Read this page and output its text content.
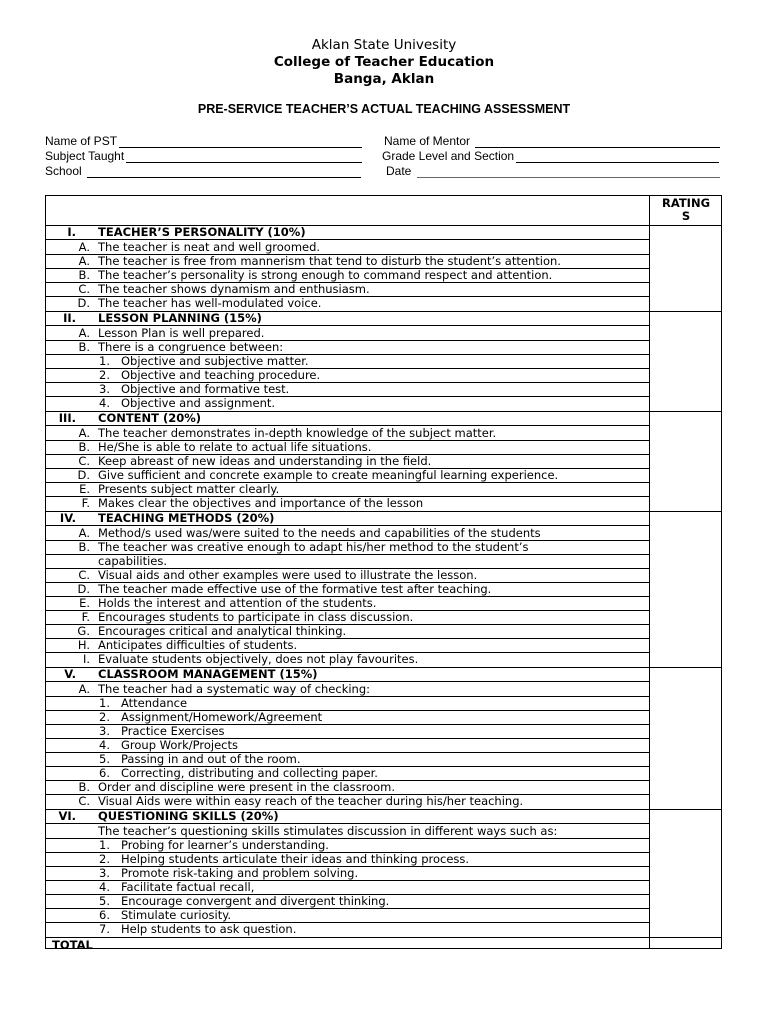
Aklan State Univesity
College of Teacher Education
Banga, Aklan
PRE-SERVICE TEACHER’S ACTUAL TEACHING ASSESSMENT
Name of PST
Subject Taught
School
Name of Mentor
Grade Level and Section
Date
RATING
S
I. TEACHER’S PERSONALITY (10%)
A. The teacher is neat and well groomed.
A. The teacher is free from mannerism that tend to disturb the student’s attention.
B. The teacher’s personality is strong enough to command respect and attention.
C. The teacher shows dynamism and enthusiasm.
D. The teacher has well-modulated voice.
II. LESSON PLANNING (15%)
A. Lesson Plan is well prepared.
B. There is a congruence between:
1. Objective and subjective matter.
2. Objective and teaching procedure.
3. Objective and formative test.
4. Objective and assignment.
III. CONTENT (20%)
A. The teacher demonstrates in-depth knowledge of the subject matter.
B. He/She is able to relate to actual life situations.
C. Keep abreast of new ideas and understanding in the field.
D. Give sufficient and concrete example to create meaningful learning experience.
E. Presents subject matter clearly.
F. Makes clear the objectives and importance of the lesson
IV. TEACHING METHODS (20%)
A. Method/s used was/were suited to the needs and capabilities of the students
B. The teacher was creative enough to adapt his/her method to the student’s
capabilities.
C. Visual aids and other examples were used to illustrate the lesson.
D. The teacher made effective use of the formative test after teaching.
E. Holds the interest and attention of the students.
F. Encourages students to participate in class discussion.
G. Encourages critical and analytical thinking.
H. Anticipates difficulties of students.
I. Evaluate students objectively, does not play favourites.
V. CLASSROOM MANAGEMENT (15%)
A. The teacher had a systematic way of checking:
1. Attendance
2. Assignment/Homework/Agreement
3. Practice Exercises
4. Group Work/Projects
5. Passing in and out of the room.
6. Correcting, distributing and collecting paper.
B. Order and discipline were present in the classroom.
C. Visual Aids were within easy reach of the teacher during his/her teaching.
VI. QUESTIONING SKILLS (20%)
The teacher’s questioning skills stimulates discussion in different ways such as:
1. Probing for learner’s understanding.
2. Helping students articulate their ideas and thinking process.
3. Promote risk-taking and problem solving.
4. Facilitate factual recall,
5. Encourage convergent and divergent thinking.
6. Stimulate curiosity.
7. Help students to ask question.
TOTAL
